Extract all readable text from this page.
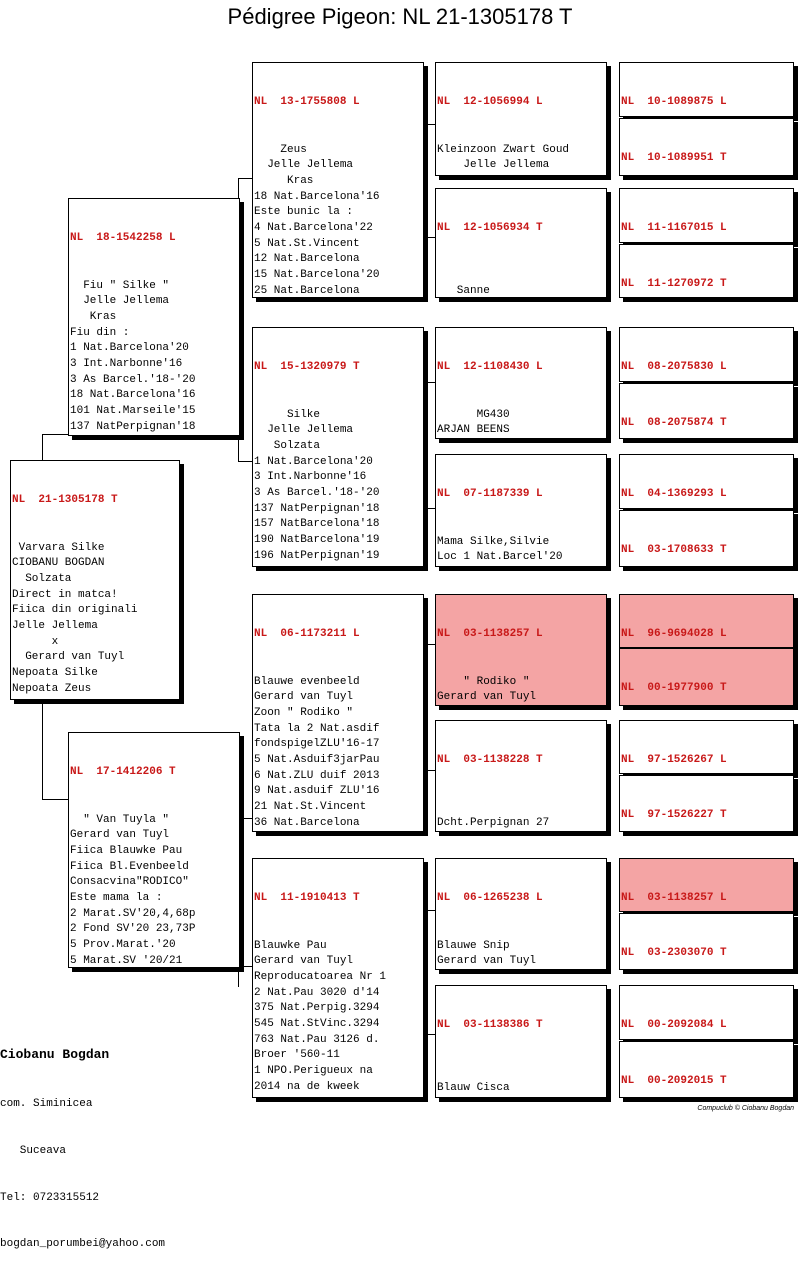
Pédigree Pigeon: NL 21-1305178 T

NL  21-1305178 T

Varvara Silke
CIOBANU BOGDAN
Solzata
Direct in matca!
Fiica din originali
Jelle Jellema
x
Gerard van Tuyl
Nepoata Silke
Nepoata Zeus

NL  18-1542258 L

Fiu " Silke "
Jelle Jellema
Kras
Fiu din :
1 Nat.Barcelona'20
3 Int.Narbonne'16
3 As Barcel.'18-'20
18 Nat.Barcelona'16
101 Nat.Marseile'15
137 NatPerpignan'18

NL  17-1412206 T

" Van Tuyla "
Gerard van Tuyl
Fiica Blauwke Pau
Fiica Bl.Evenbeeld
Consacvina"RODICO"
Este mama la :
2 Marat.SV'20,4,68p
2 Fond SV'20 23,73P
5 Prov.Marat.'20
5 Marat.SV '20/21

NL  13-1755808 L

Zeus
Jelle Jellema
Kras
18 Nat.Barcelona'16
Este bunic la :
4 Nat.Barcelona'22
5 Nat.St.Vincent
12 Nat.Barcelona
15 Nat.Barcelona'20
25 Nat.Barcelona

NL  15-1320979 T

Silke
Jelle Jellema
Solzata
1 Nat.Barcelona'20
3 Int.Narbonne'16
3 As Barcel.'18-'20
137 NatPerpignan'18
157 NatBarcelona'18
190 NatBarcelona'19
196 NatPerpignan'19

NL  06-1173211 L

Blauwe evenbeeld
Gerard van Tuyl
Zoon " Rodiko "
Tata la 2 Nat.asdif
fondspigelZLU'16-17
5 Nat.Asduif3jarPau
6 Nat.ZLU duif 2013
9 Nat.asduif ZLU'16
21 Nat.St.Vincent
36 Nat.Barcelona

NL  11-1910413 T

Blauwke Pau
Gerard van Tuyl
Reproducatoarea Nr 1
2 Nat.Pau 3020 d'14
375 Nat.Perpig.3294
545 Nat.StVinc.3294
763 Nat.Pau 3126 d.
Broer '560-11
1 NPO.Perigueux na
2014 na de kweek

NL  12-1056994 L

Kleinzoon Zwart Goud
Jelle Jellema

NL  12-1056934 T

Sanne

NL  12-1108430 L

MG430
ARJAN BEENS

NL  07-1187339 L

Mama Silke,Silvie
Loc 1 Nat.Barcel'20

NL  03-1138257 L

" Rodiko "
Gerard van Tuyl

NL  03-1138228 T

Dcht.Perpignan 27

NL  06-1265238 L

Blauwe Snip
Gerard van Tuyl

NL  03-1138386 T

Blauw Cisca

NL  10-1089875 L

NL  10-1089951 T

NL  11-1167015 L

NL  11-1270972 T

NL  08-2075830 L

NL  08-2075874 T

NL  04-1369293 L

NL  03-1708633 T

NL  96-9694028 L

NL  00-1977900 T

NL  97-1526267 L

NL  97-1526227 T

NL  03-1138257 L

NL  03-2303070 T

NL  00-2092084 L

NL  00-2092015 T

Ciobanu Bogdan

com. Siminicea

Suceava

Tel: 0723315512

bogdan_porumbei@yahoo.com

Compuclub © Ciobanu Bogdan
